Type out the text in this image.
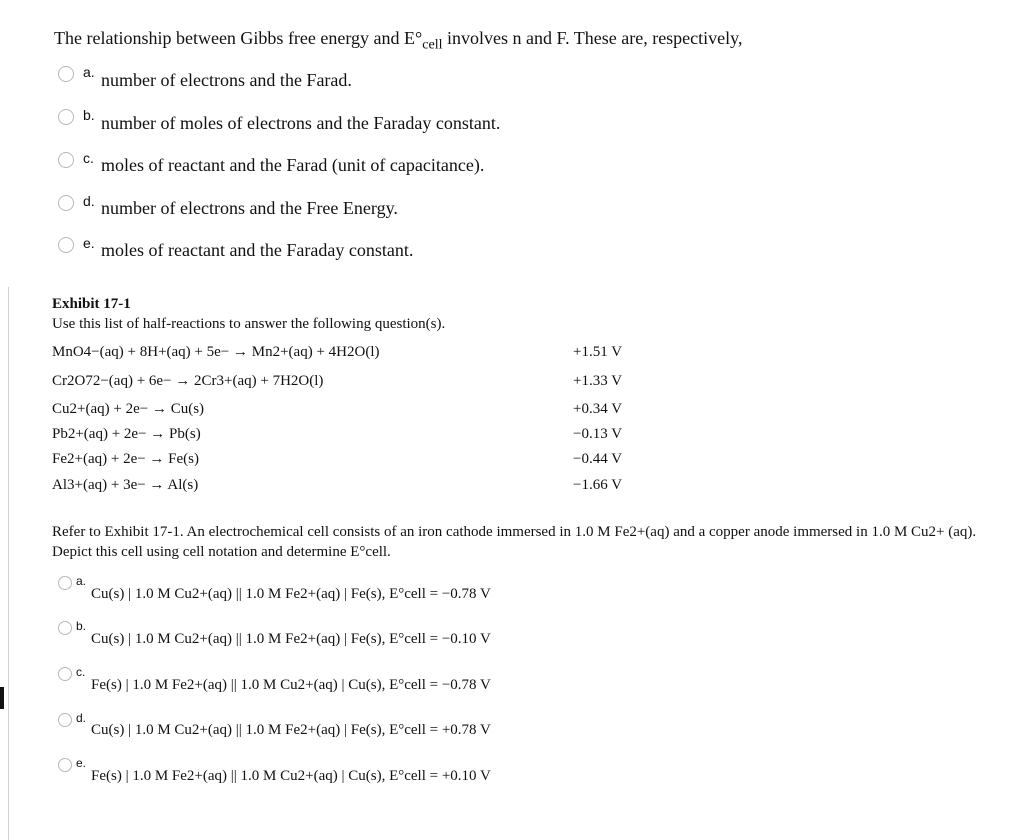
The relationship between Gibbs free energy and $E^\circ_{cell}$ involves n and F. These are, respectively,
a. number of electrons and the Farad.
b. number of moles of electrons and the Faraday constant.
c. moles of reactant and the Farad (unit of capacitance).
d. number of electrons and the Free Energy.
e. moles of reactant and the Faraday constant.
Exhibit 17-1
Use this list of half-reactions to answer the following question(s).
MnO4−(aq) + 8H+(aq) + 5e− → Mn2+(aq) + 4H2O(l)	+1.51 V
Cr2O72−(aq) + 6e− → 2Cr3+(aq) + 7H2O(l)	+1.33 V
Cu2+(aq) + 2e− → Cu(s)	+0.34 V
Pb2+(aq) + 2e− → Pb(s)	−0.13 V
Fe2+(aq) + 2e− → Fe(s)	−0.44 V
Al3+(aq) + 3e− → Al(s)	−1.66 V
Refer to Exhibit 17-1. An electrochemical cell consists of an iron cathode immersed in 1.0 M Fe2+(aq) and a copper anode immersed in 1.0 M Cu2+ (aq). Depict this cell using cell notation and determine E°cell.
a.
Cu(s) | 1.0 M Cu2+(aq) || 1.0 M Fe2+(aq) | Fe(s), E°cell = −0.78 V
b.
Cu(s) | 1.0 M Cu2+(aq) || 1.0 M Fe2+(aq) | Fe(s), E°cell = −0.10 V
c.
Fe(s) | 1.0 M Fe2+(aq) || 1.0 M Cu2+(aq) | Cu(s), E°cell = −0.78 V
d.
Cu(s) | 1.0 M Cu2+(aq) || 1.0 M Fe2+(aq) | Fe(s), E°cell = +0.78 V
e.
Fe(s) | 1.0 M Fe2+(aq) || 1.0 M Cu2+(aq) | Cu(s), E°cell = +0.10 V
